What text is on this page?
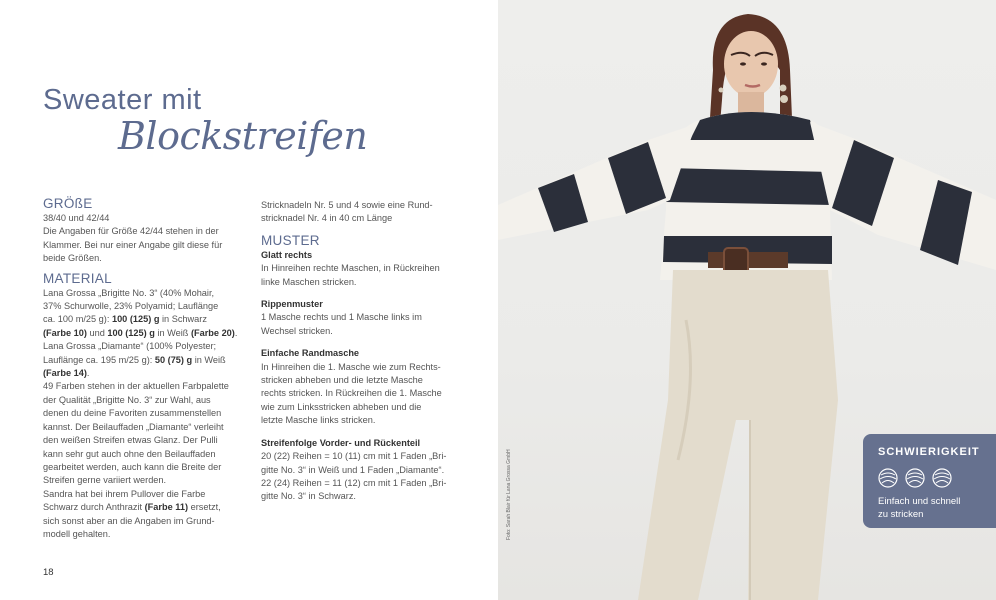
Sweater mit
Blockstreifen
GRÖßE
38/40 und 42/44
Die Angaben für Größe 42/44 stehen in der
Klammer. Bei nur einer Angabe gilt diese für
beide Größen.
MATERIAL
Lana Grossa „Brigitte No. 3“ (40% Mohair,
37% Schurwolle, 23% Polyamid; Lauflänge
ca. 100 m/25 g): 100 (125) g in Schwarz
(Farbe 10) und 100 (125) g in Weiß (Farbe 20).
Lana Grossa „Diamante“ (100% Polyester;
Lauflänge ca. 195 m/25 g): 50 (75) g in Weiß
(Farbe 14).
49 Farben stehen in der aktuellen Farbpalette
der Qualität „Brigitte No. 3“ zur Wahl, aus
denen du deine Favoriten zusammenstellen
kannst. Der Beilauffaden „Diamante“ verleiht
den weißen Streifen etwas Glanz. Der Pulli
kann sehr gut auch ohne den Beilauffaden
gearbeitet werden, auch kann die Breite der
Streifen gerne variiert werden.
Sandra hat bei ihrem Pullover die Farbe
Schwarz durch Anthrazit (Farbe 11) ersetzt,
sich sonst aber an die Angaben im Grund-
modell gehalten.
Stricknadeln Nr. 5 und 4 sowie eine Rund-
stricknadel Nr. 4 in 40 cm Länge
MUSTER
Glatt rechts
In Hinreihen rechte Maschen, in Rückreihen
linke Maschen stricken.
Rippenmuster
1 Masche rechts und 1 Masche links im
Wechsel stricken.
Einfache Randmasche
In Hinreihen die 1. Masche wie zum Rechts-
stricken abheben und die letzte Masche
rechts stricken. In Rückreihen die 1. Masche
wie zum Linksstricken abheben und die
letzte Masche links stricken.
Streifenfolge Vorder- und Rückenteil
20 (22) Reihen = 10 (11) cm mit 1 Faden „Bri-
gitte No. 3“ in Weiß und 1 Faden „Diamante“.
22 (24) Reihen = 11 (12) cm mit 1 Faden „Bri-
gitte No. 3“ in Schwarz.
18
Foto: Sarah Blair für Lana Grossa GmbH	SCHWIERIGKEIT
Einfach und schnell
zu stricken
